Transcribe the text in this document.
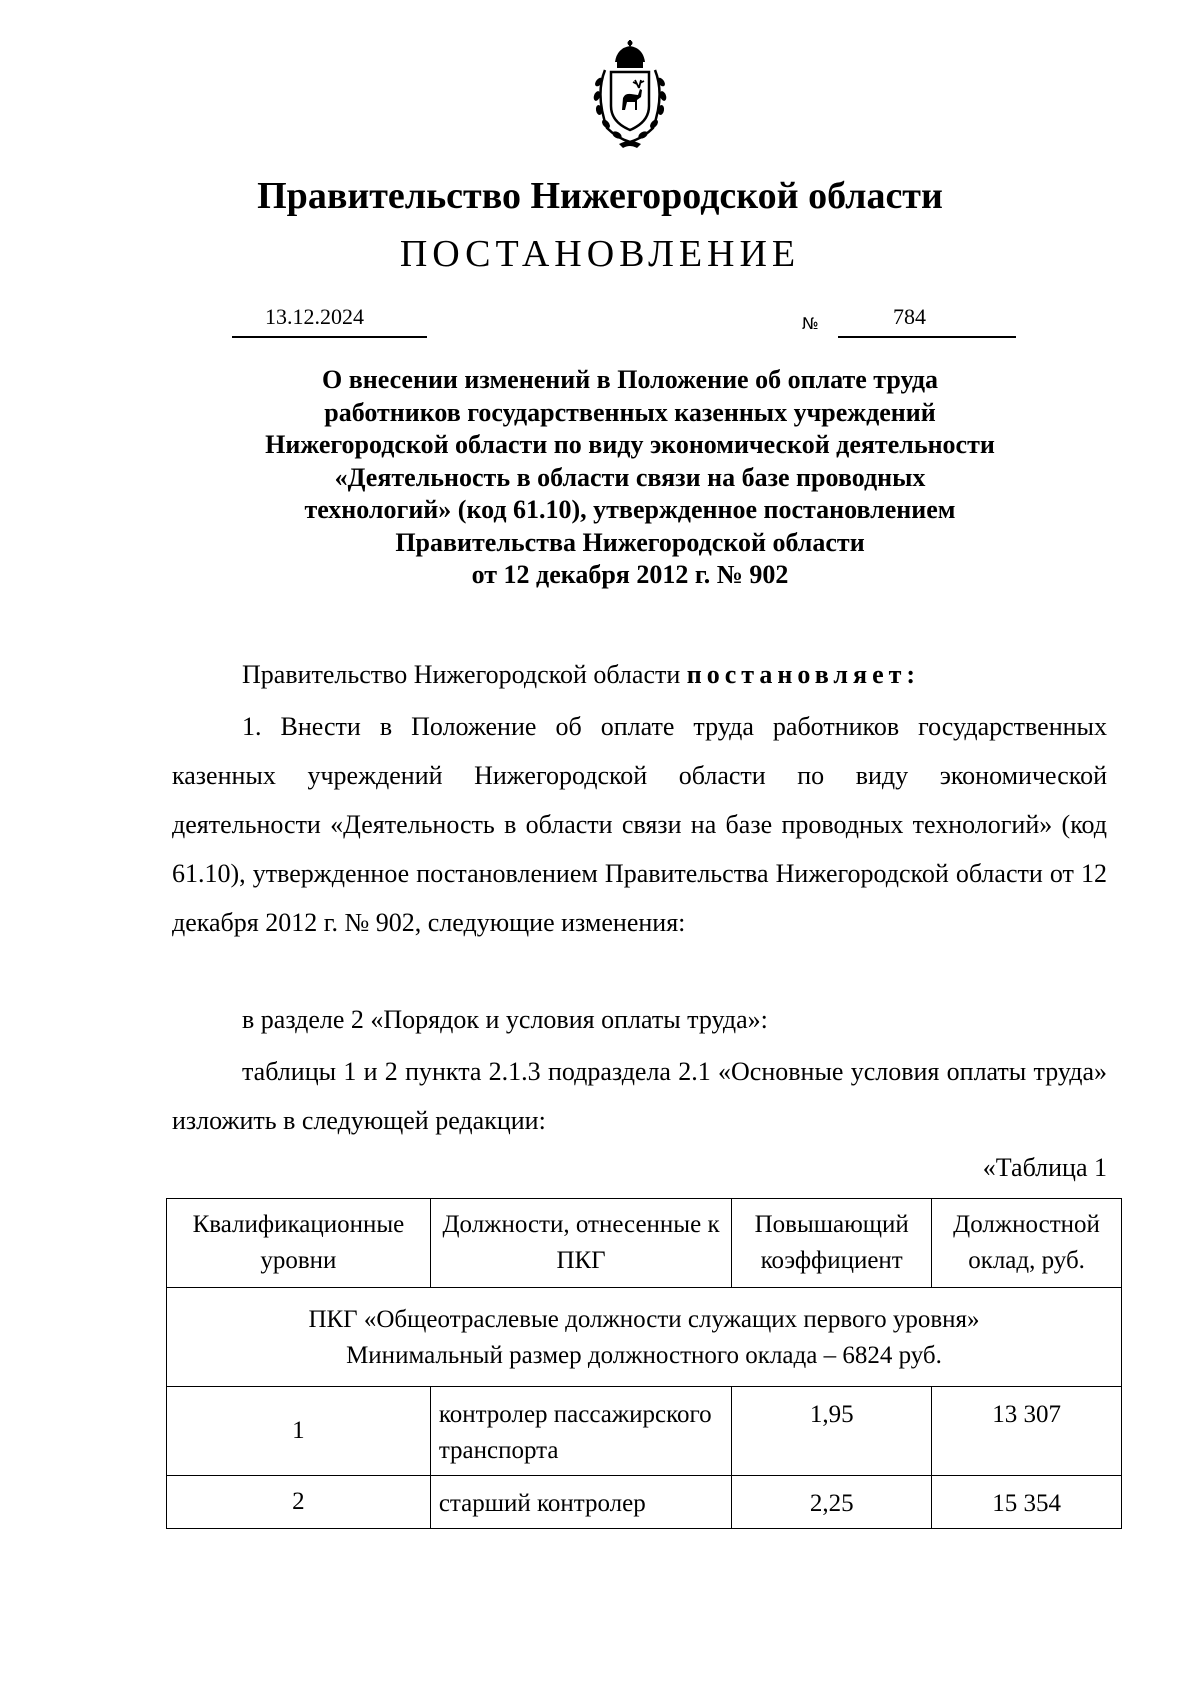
Правительство Нижегородской области
ПОСТАНОВЛЕНИЕ
13.12.2024	№	784
О внесении изменений в Положение об оплате труда
работников государственных казенных учреждений
Нижегородской области по виду экономической деятельности
«Деятельность в области связи на базе проводных
технологий» (код 61.10), утвержденное постановлением
Правительства Нижегородской области
от 12 декабря 2012 г. № 902
Правительство Нижегородской области постановляет:
1. Внести в Положение об оплате труда работников государственных казенных учреждений Нижегородской области по виду экономической деятельности «Деятельность в области связи на базе проводных технологий» (код 61.10), утвержденное постановлением Правительства Нижегородской области от 12 декабря 2012 г. № 902, следующие изменения:
в разделе 2 «Порядок и условия оплаты труда»:
таблицы 1 и 2 пункта 2.1.3 подраздела 2.1 «Основные условия оплаты труда» изложить в следующей редакции:
«Таблица 1
Квалификационные уровни	Должности, отнесенные к ПКГ	Повышающий коэффициент	Должностной оклад, руб.

ПКГ «Общеотраслевые должности служащих первого уровня»
Минимальный размер должностного оклада – 6824 руб.			

1	контролер пассажирского транспорта	1,95	13 307
2	старший контролер	2,25	15 354
